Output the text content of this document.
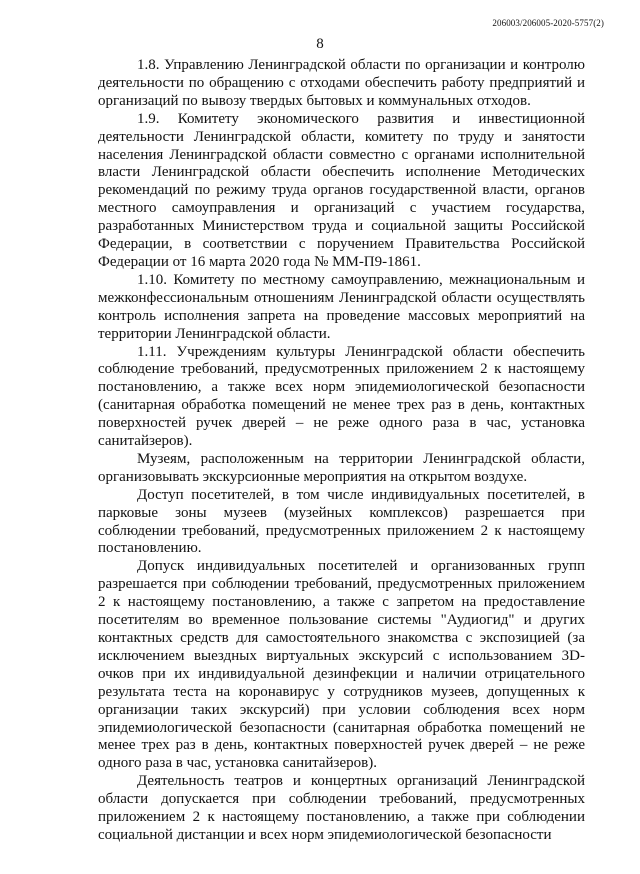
206003/206005-2020-5757(2)
8

1.8. Управлению Ленинградской области по организации и контролю деятельности по обращению с отходами обеспечить работу предприятий и организаций по вывозу твердых бытовых и коммунальных отходов.

1.9. Комитету экономического развития и инвестиционной деятельности Ленинградской области, комитету по труду и занятости населения Ленинградской области совместно с органами исполнительной власти Ленинградской области обеспечить исполнение Методических рекомендаций по режиму труда органов государственной власти, органов местного самоуправления и организаций с участием государства, разработанных Министерством труда и социальной защиты Российской Федерации, в соответствии с поручением Правительства Российской Федерации от 16 марта 2020 года № ММ-П9-1861.

1.10. Комитету по местному самоуправлению, межнациональным и межконфессиональным отношениям Ленинградской области осуществлять контроль исполнения запрета на проведение массовых мероприятий на территории Ленинградской области.

1.11. Учреждениям культуры Ленинградской области обеспечить соблюдение требований, предусмотренных приложением 2 к настоящему постановлению, а также всех норм эпидемиологической безопасности (санитарная обработка помещений не менее трех раз в день, контактных поверхностей ручек дверей – не реже одного раза в час, установка санитайзеров).

Музеям, расположенным на территории Ленинградской области, организовывать экскурсионные мероприятия на открытом воздухе.

Доступ посетителей, в том числе индивидуальных посетителей, в парковые зоны музеев (музейных комплексов) разрешается при соблюдении требований, предусмотренных приложением 2 к настоящему постановлению.

Допуск индивидуальных посетителей и организованных групп разрешается при соблюдении требований, предусмотренных приложением 2 к настоящему постановлению, а также с запретом на предоставление посетителям во временное пользование системы "Аудиогид" и других контактных средств для самостоятельного знакомства с экспозицией (за исключением выездных виртуальных экскурсий с использованием 3D-очков при их индивидуальной дезинфекции и наличии отрицательного результата теста на коронавирус у сотрудников музеев, допущенных к организации таких экскурсий) при условии соблюдения всех норм эпидемиологической безопасности (санитарная обработка помещений не менее трех раз в день, контактных поверхностей ручек дверей – не реже одного раза в час, установка санитайзеров).

Деятельность театров и концертных организаций Ленинградской области допускается при соблюдении требований, предусмотренных приложением 2 к настоящему постановлению, а также при соблюдении социальной дистанции и всех норм эпидемиологической безопасности
